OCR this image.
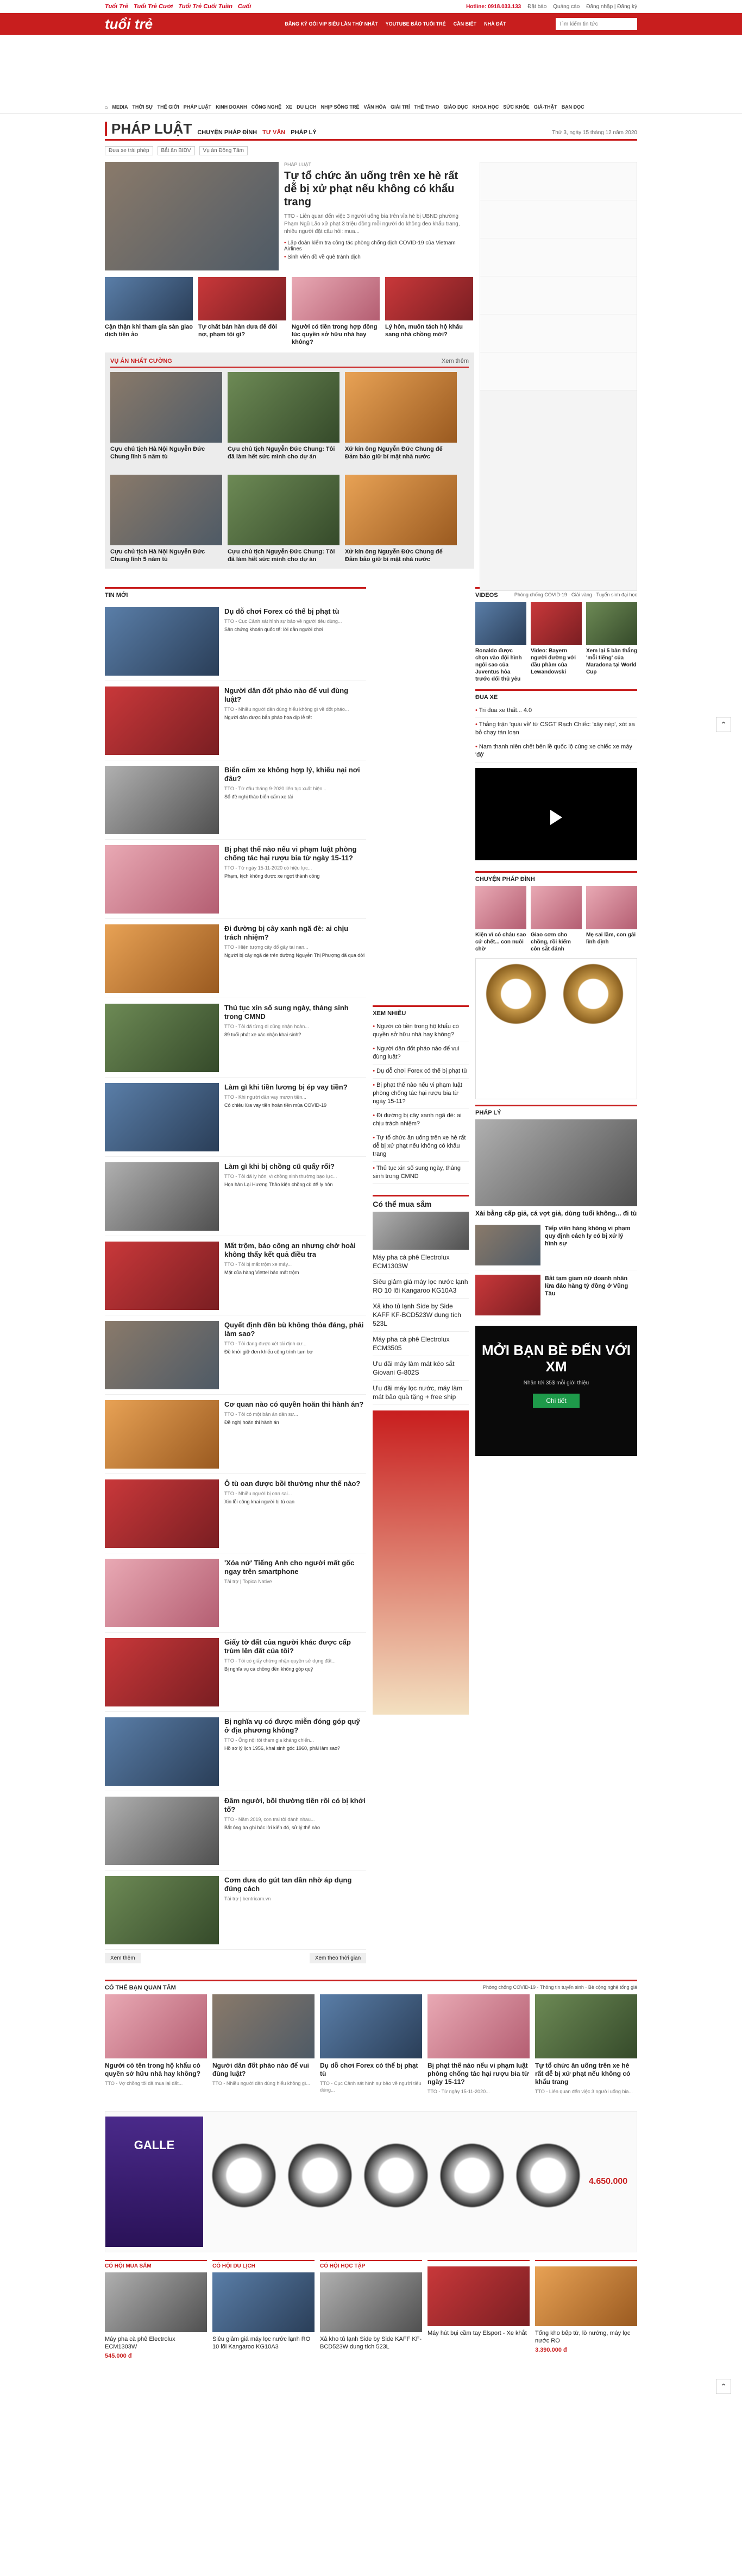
Tuổi Trẻ Tuổi Trẻ Cười Tuổi Trẻ Cuối Tuần Cuối	Hotline: 0918.033.133 Đặt báo Quảng cáo Đăng nhập | Đăng ký
tuổi trẻ	ĐĂNG KÝ GÓI VIP SIÊU LẦN THỨ NHẤT YOUTUBE BÁO TUỔI TRẺ CẦN BIẾT NHÀ ĐẤT
Tìm kiếm tin tức
⌂ MEDIA THỜI SỰ THẾ GIỚI PHÁP LUẬT KINH DOANH CÔNG NGHỆ XE DU LỊCH NHỊP SỐNG TRẺ VĂN HÓA GIẢI TRÍ THỂ THAO GIÁO DỤC KHOA HỌC SỨC KHỎE GIẢ-THẬT BẠN ĐỌC
PHÁP LUẬT CHUYỆN PHÁP ĐÌNH TƯ VẤN PHÁP LÝ	Thứ 3, ngày 15 tháng 12 năm 2020
Đưa xe trái phép	Bắt ăn BIDV	Vụ án Đồng Tâm
PHÁP LUẬT
Tự tổ chức ăn uống trên xe hè rất dễ bị xử phạt nếu không có khẩu trang

TTO - Liên quan đến việc 3 người uống bia trên vỉa hè bị UBND phường Phạm Ngũ Lão xử phạt 3 triệu đồng mỗi người do không đeo khẩu trang, nhiều người đặt câu hỏi: mua...

• Lập đoàn kiểm tra công tác phòng chống dịch COVID-19 của Vietnam Airlines
• Sinh viên dồ về quê tránh dịch
Cận thận khi tham gia sàn giao dịch tiền ảo
Tự chất bản hàn dưa để đòi nợ, phạm tội gì?
Người có tiền trong hợp đồng lúc quyền sở hữu nhà hay không?
Lý hôn, muốn tách hộ khẩu sang nhà chồng mới?
VỤ ÁN NHẤT CƯỜNG	Xem thêm
Cựu chủ tịch Hà Nội Nguyễn Đức Chung lĩnh 5 năm tù
Cựu chủ tịch Nguyễn Đức Chung: Tôi đã làm hết sức mình cho dự án
Xử kín ông Nguyễn Đức Chung để Đảm bảo giữ bí mật nhà nước
Cựu chủ tịch Hà Nội Nguyễn Đức Chung lĩnh 5 năm tù
Cựu chủ tịch Nguyễn Đức Chung: Tôi đã làm hết sức mình cho dự án
Xử kín ông Nguyễn Đức Chung để Đảm bảo giữ bí mật nhà nước
TIN MỚI
Dụ dỗ chơi Forex có thể bị phạt tù

TTO - Cục Cảnh sát hình sự bảo về người tiêu dùng...

Sản chứng khoán quốc tế: lời dẫn người chơi
Người dân đốt pháo nào để vui đùng luật?

TTO - Nhiều người dân đùng hiểu không gì về đốt pháo...

Người dân được bắn pháo hoa dịp lễ tết
Biển cấm xe không hợp lý, khiếu nại nơi đâu?

TTO - Từ đầu tháng 9-2020 liên tục xuất hiện...

Sổ đề nghị tháo biển cấm xe tải
Bị phạt thế nào nếu vi phạm luật phòng chống tác hại rượu bia từ ngày 15-11?

TTO - Từ ngày 15-11-2020 có hiệu lực...

Phạm, kịch không được xe ngợt thành công
Đi đường bị cây xanh ngã đè: ai chịu trách nhiệm?

TTO - Hiện tượng cây đổ gây tai nạn...

Người bị cây ngã đè trên đường Nguyễn Thị Phượng đã qua đời
Thủ tục xin số sung ngày, tháng sinh trong CMND

TTO - Tôi đã từng đi cũng nhận hoàn...

89 tuổi phát xe xác nhận khai sinh?
Làm gì khi tiền lương bị ép vay tiền?

TTO - Khi người dân vay mượn tiền...

Có chiêu lừa vay tiền hoàn tiền mùa COVID-19
Làm gì khi bị chồng cũ quấy rối?

TTO - Tôi đã ly hôn, vì chồng sinh thường bạo lực...

Họa hàn Lại Hương Thảo kiện chồng cũ để ly hôn
Mất trộm, báo công an nhưng chờ hoài không thấy kết quả điều tra

TTO - Tôi bị mất trộm xe máy...

Mặt của hàng Viettel bảo mất trộm
Quyết định đền bù không thỏa đáng, phải làm sao?

TTO - Tôi đang được xét tái định cư...

Đề khởi giữ đơn khiếu công trình tạm bợ
Cơ quan nào có quyền hoãn thi hành án?

TTO - Tôi có một bản án dân sự...

Đề nghị hoãn thi hành án
Ô tù oan được bồi thường như thế nào?

TTO - Nhiều người bị oan sai...

Xin lỗi công khai người bị tù oan
'Xóa nứ' Tiếng Anh cho người mất gốc ngay trên smartphone

Tài trợ | Topica Native

Giấy tờ đất của người khác được cấp trùm lên đất của tôi?

TTO - Tôi có giấy chứng nhận quyền sử dụng đất...

Bị nghĩa vụ cá chồng đền không góp quỹ
Bị nghĩa vụ có được miễn đóng góp quỹ ở địa phương không?

TTO - Ông nội tôi tham gia kháng chiến...

Hồ sơ lý lịch 1956, khai sinh góc 1960, phải làm sao?
Đâm người, bồi thường tiền rồi có bị khởi tố?

TTO - Năm 2019, con trai tôi đánh nhau...

Bắt ông ba ghi bác lời kiến đó, sử lý thể nào
Cơm dưa do gút tan dần nhờ áp dụng đúng cách

Tài trợ | bentricam.vn

Xem thêm	Xem theo thời gian
XEM NHIỀU
• Người có tiền trong hộ khẩu có quyền sở hữu nhà hay không?
• Người dân đốt pháo nào để vui đùng luật?
• Dụ dỗ chơi Forex có thể bị phạt tù
• Bị phạt thế nào nếu vi phạm luật phòng chống tác hại rượu bia từ ngày 15-11?
• Đi đường bị cây xanh ngã đè: ai chịu trách nhiệm?
• Tự tổ chức ăn uống trên xe hè rất dễ bị xử phạt nếu không có khẩu trang
• Thủ tục xin số sung ngày, tháng sinh trong CMND
Có thể mua sắm
Máy pha cà phê Electrolux ECM1303W
Siêu giảm giá máy lọc nước lạnh RO 10 lõi Kangaroo KG10A3
Xả kho tủ lạnh Side by Side KAFF KF-BCD523W dung tích 523L
Máy pha cà phê Electrolux ECM3505
Ưu đãi máy làm mát kéo sắt Giovani G-802S
Ưu đãi máy lọc nước, máy làm mát bảo quà tặng + free ship
VIDEOS	Phòng chống COVID-19 · Giải vàng · Tuyển sinh đại học
Ronaldo được chọn vào đội hình ngôi sao của Juventus hỏa trước đối thủ yêu
Video: Bayern người đường với đầu phàm của Lewandowski
Xem lại 5 bàn thắng 'mỗi tiếng' của Maradona tại World Cup
ĐUA XE
• Tri đua xe thất... 4.0
• Thắng trận 'quài về' từ CSGT Rạch Chiếc: 'xây nép', xót xa bỏ chạy tán loạn
• Nam thanh niên chết bên lề quốc lộ cùng xe chiếc xe máy 'độ'
CHUYỆN PHÁP ĐÌNH
Kiện vì có cháu sao cứ chết... con nuôi chờ
Giao cơm cho chồng, rồi kiếm côn sắt đánh
Mẹ sai lầm, con gái lĩnh định
PHÁP LÝ
Xài bằng cấp giả, cá vợt giả, dùng tuổi không... đi tù
Tiếp viên hàng không vi phạm quy định cách ly có bị xử lý hình sự
Bắt tạm giam nữ doanh nhân lừa đảo hàng tỷ đồng ở Vũng Tàu
MỞI BẠN BÈ ĐẾN VỚI XM

Nhận tới 35$ mỗi giới thiệu

Chi tiết
CÓ THỂ BẠN QUAN TÂM	Phòng chống COVID-19 · Thông tin tuyển sinh · Bè cộng nghệ tổng giá
Người có tên trong hộ khẩu có quyền sở hữu nhà hay không?

TTO - Vợ chồng tôi đã mua lại đất...

Người dân đốt pháo nào để vui đùng luật?

TTO - Nhiều người dân đùng hiểu không gì...

Dụ dỗ chơi Forex có thể bị phạt tù

TTO - Cục Cảnh sát hình sự bảo về người tiêu dùng...

Bị phạt thế nào nếu vi phạm luật phòng chống tác hại rượu bia từ ngày 15-11?

TTO - Từ ngày 15-11-2020...

Tự tổ chức ăn uống trên xe hè rất dễ bị xử phạt nếu không có khẩu trang

TTO - Liên quan đến việc 3 người uống bia...

GALLE
4.650.000
CÓ HỘI MUA SẮM
Máy pha cà phê Electrolux ECM1303W
545.000 đ
CÓ HỘI DU LỊCH
Siêu giảm giá máy lọc nước lạnh RO 10 lõi Kangaroo KG10A3
CÓ HỘI HỌC TẬP
Xả kho tủ lạnh Side by Side KAFF KF-BCD523W dung tích 523L
Máy hút bụi cầm tay Elsport - Xe khắt	Tổng kho bếp từ, lò nướng, máy lọc nước RO
3.390.000 đ
⌃
⌃
